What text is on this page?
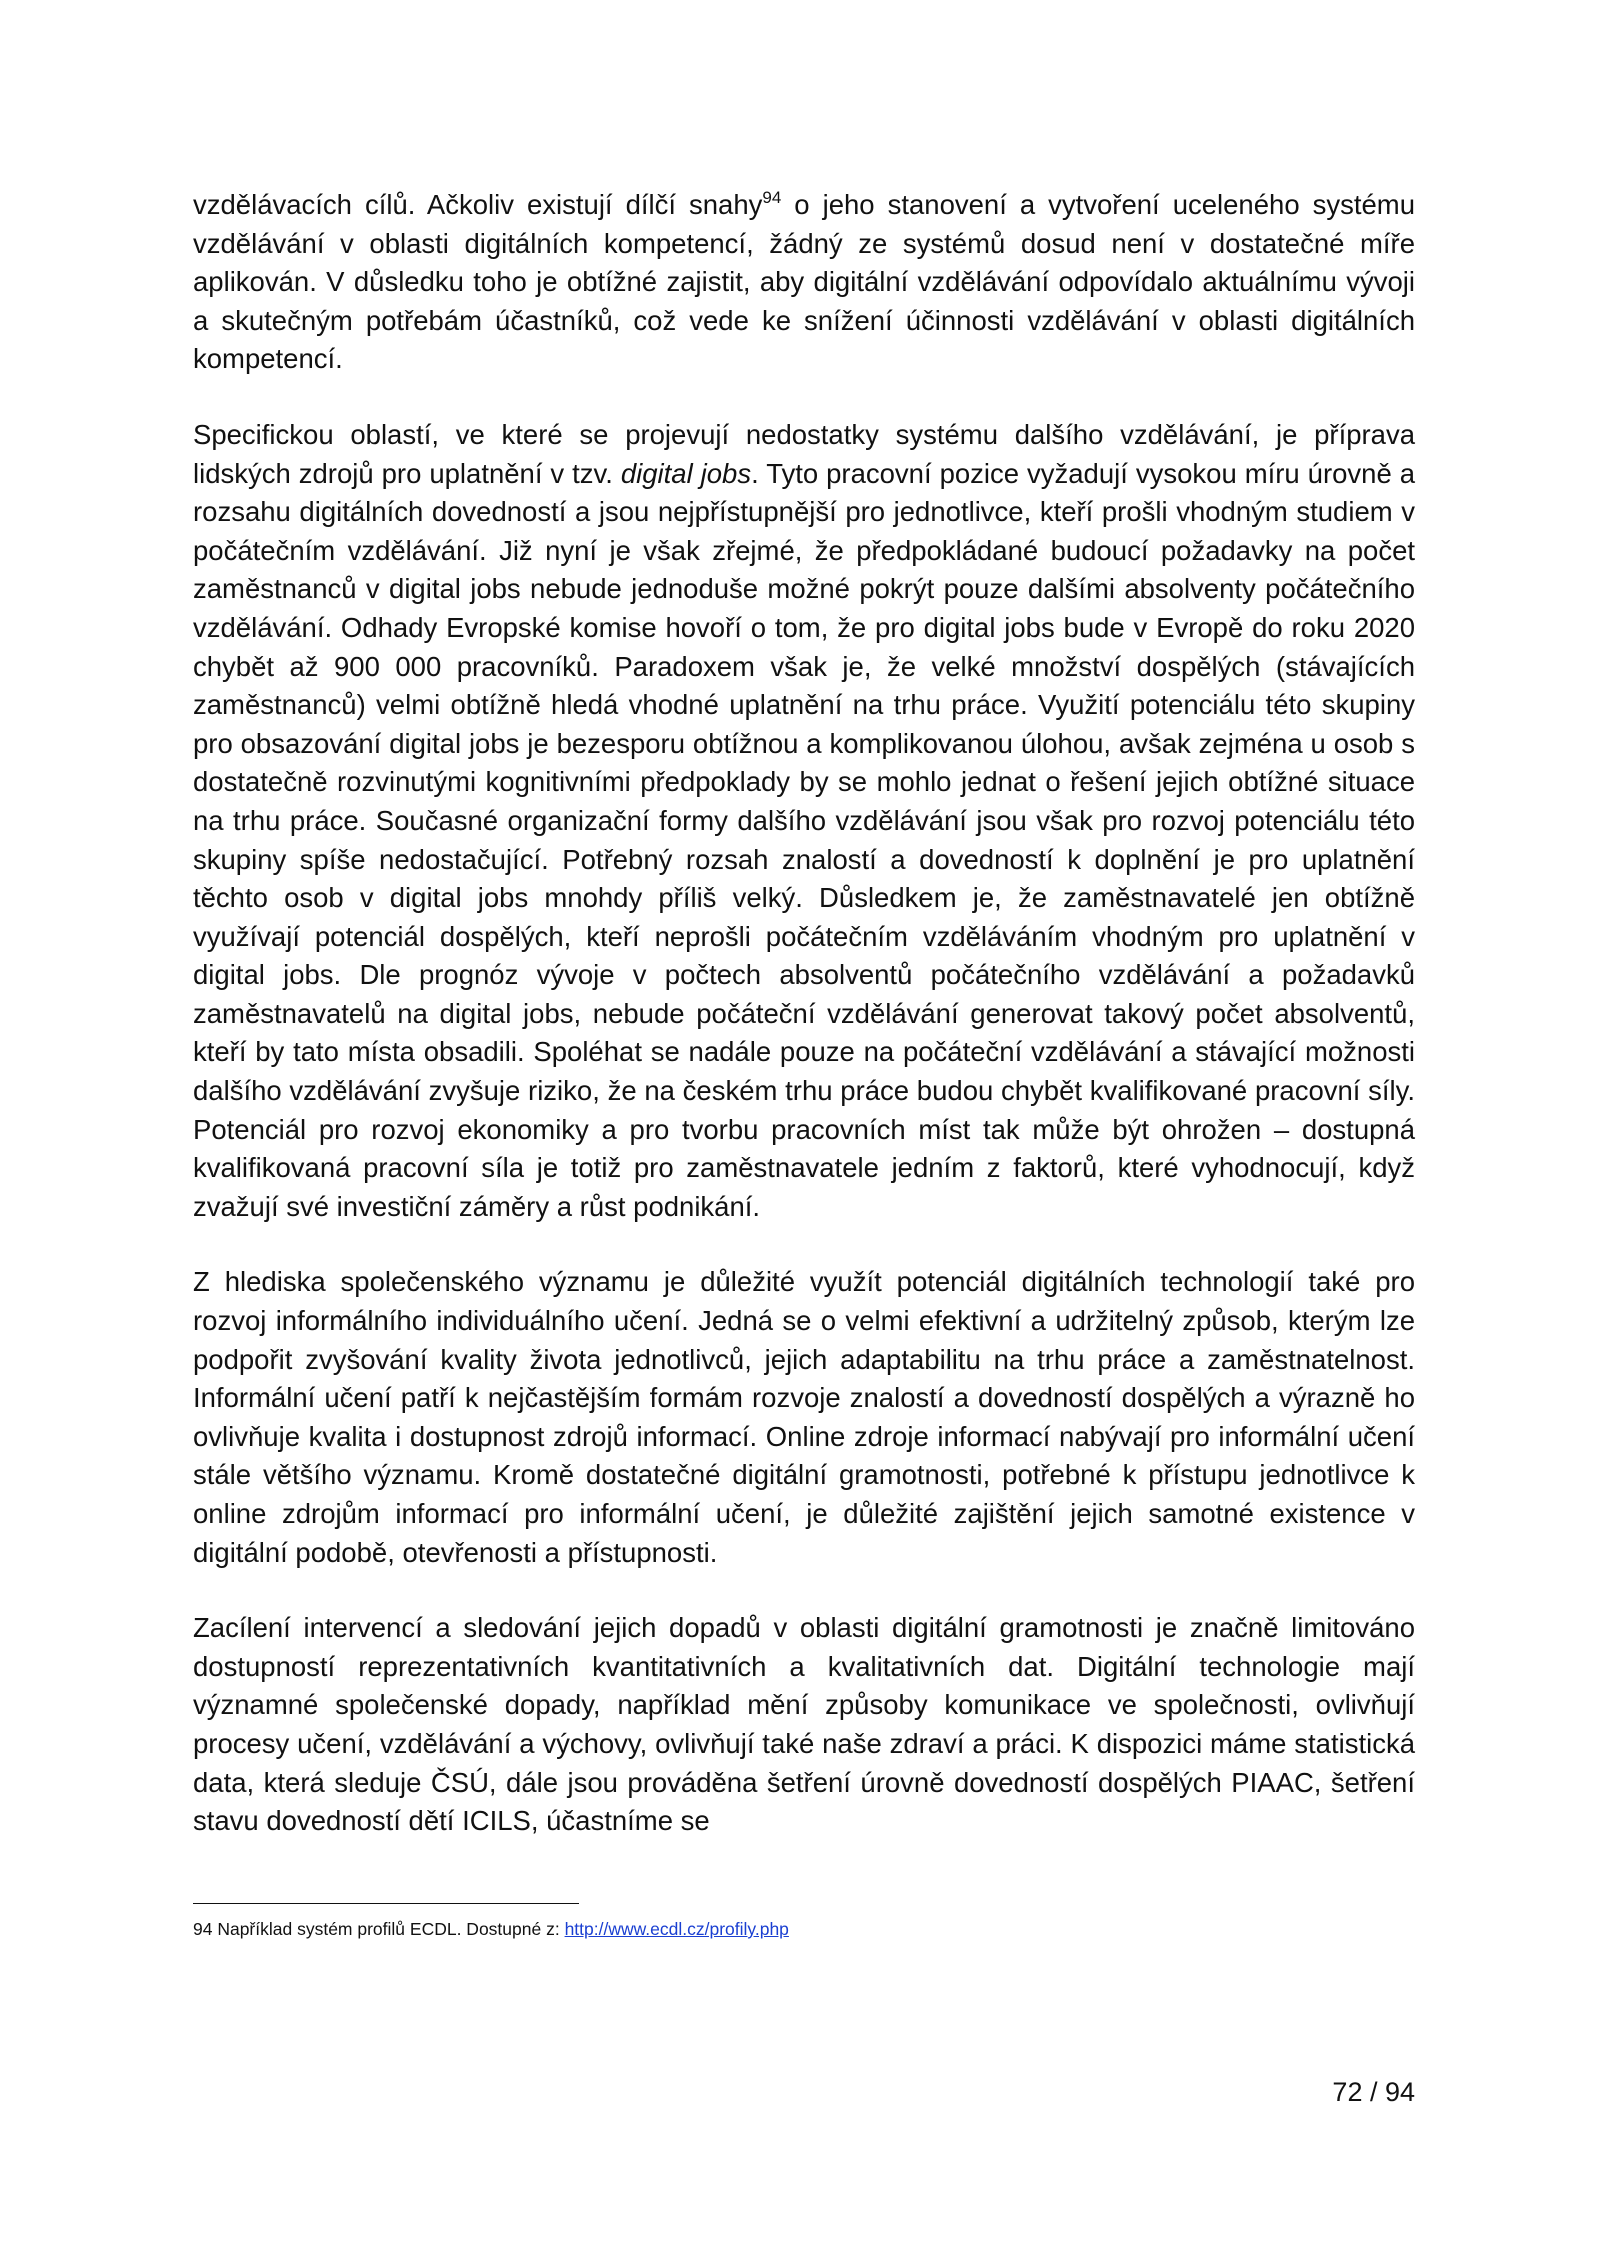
vzdělávacích cílů. Ačkoliv existují dílčí snahy$^{94}$ o jeho stanovení a vytvoření uceleného systému vzdělávání v oblasti digitálních kompetencí, žádný ze systémů dosud není v dostatečné míře aplikován. V důsledku toho je obtížné zajistit, aby digitální vzdělávání odpovídalo aktuálnímu vývoji a skutečným potřebám účastníků, což vede ke snížení účinnosti vzdělávání v oblasti digitálních kompetencí.

Specifickou oblastí, ve které se projevují nedostatky systému dalšího vzdělávání, je příprava lidských zdrojů pro uplatnění v tzv. digital jobs. Tyto pracovní pozice vyžadují vysokou míru úrovně a rozsahu digitálních dovedností a jsou nejpřístupnější pro jednotlivce, kteří prošli vhodným studiem v počátečním vzdělávání. Již nyní je však zřejmé, že předpokládané budoucí požadavky na počet zaměstnanců v digital jobs nebude jednoduše možné pokrýt pouze dalšími absolventy počátečního vzdělávání. Odhady Evropské komise hovoří o tom, že pro digital jobs bude v Evropě do roku 2020 chybět až 900 000 pracovníků. Paradoxem však je, že velké množství dospělých (stávajících zaměstnanců) velmi obtížně hledá vhodné uplatnění na trhu práce. Využití potenciálu této skupiny pro obsazování digital jobs je bezesporu obtížnou a komplikovanou úlohou, avšak zejména u osob s dostatečně rozvinutými kognitivními předpoklady by se mohlo jednat o řešení jejich obtížné situace na trhu práce. Současné organizační formy dalšího vzdělávání jsou však pro rozvoj potenciálu této skupiny spíše nedostačující. Potřebný rozsah znalostí a dovedností k doplnění je pro uplatnění těchto osob v digital jobs mnohdy příliš velký. Důsledkem je, že zaměstnavatelé jen obtížně využívají potenciál dospělých, kteří neprošli počátečním vzděláváním vhodným pro uplatnění v digital jobs. Dle prognóz vývoje v počtech absolventů počátečního vzdělávání a požadavků zaměstnavatelů na digital jobs, nebude počáteční vzdělávání generovat takový počet absolventů, kteří by tato místa obsadili. Spoléhat se nadále pouze na počáteční vzdělávání a stávající možnosti dalšího vzdělávání zvyšuje riziko, že na českém trhu práce budou chybět kvalifikované pracovní síly. Potenciál pro rozvoj ekonomiky a pro tvorbu pracovních míst tak může být ohrožen – dostupná kvalifikovaná pracovní síla je totiž pro zaměstnavatele jedním z faktorů, které vyhodnocují, když zvažují své investiční záměry a růst podnikání.

Z hlediska společenského významu je důležité využít potenciál digitálních technologií také pro rozvoj informálního individuálního učení. Jedná se o velmi efektivní a udržitelný způsob, kterým lze podpořit zvyšování kvality života jednotlivců, jejich adaptabilitu na trhu práce a zaměstnatelnost. Informální učení patří k nejčastějším formám rozvoje znalostí a dovedností dospělých a výrazně ho ovlivňuje kvalita i dostupnost zdrojů informací. Online zdroje informací nabývají pro informální učení stále většího významu. Kromě dostatečné digitální gramotnosti, potřebné k přístupu jednotlivce k online zdrojům informací pro informální učení, je důležité zajištění jejich samotné existence v digitální podobě, otevřenosti a přístupnosti.

Zacílení intervencí a sledování jejich dopadů v oblasti digitální gramotnosti je značně limitováno dostupností reprezentativních kvantitativních a kvalitativních dat. Digitální technologie mají významné společenské dopady, například mění způsoby komunikace ve společnosti, ovlivňují procesy učení, vzdělávání a výchovy, ovlivňují také naše zdraví a práci. K dispozici máme statistická data, která sleduje ČSÚ, dále jsou prováděna šetření úrovně dovedností dospělých PIAAC, šetření stavu dovedností dětí ICILS, účastníme se

94 Například systém profilů ECDL. Dostupné z: http://www.ecdl.cz/profily.php
72 / 94
